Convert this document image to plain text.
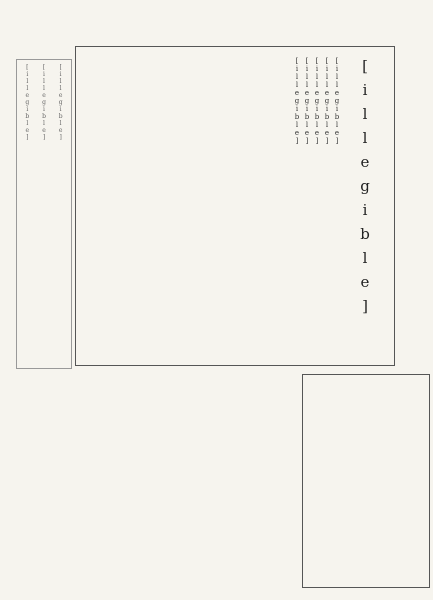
[illegible]
[illegible]
[illegible]
[illegible]
[illegible]
[illegible]
[illegible]
[illegible]
[illegible]
